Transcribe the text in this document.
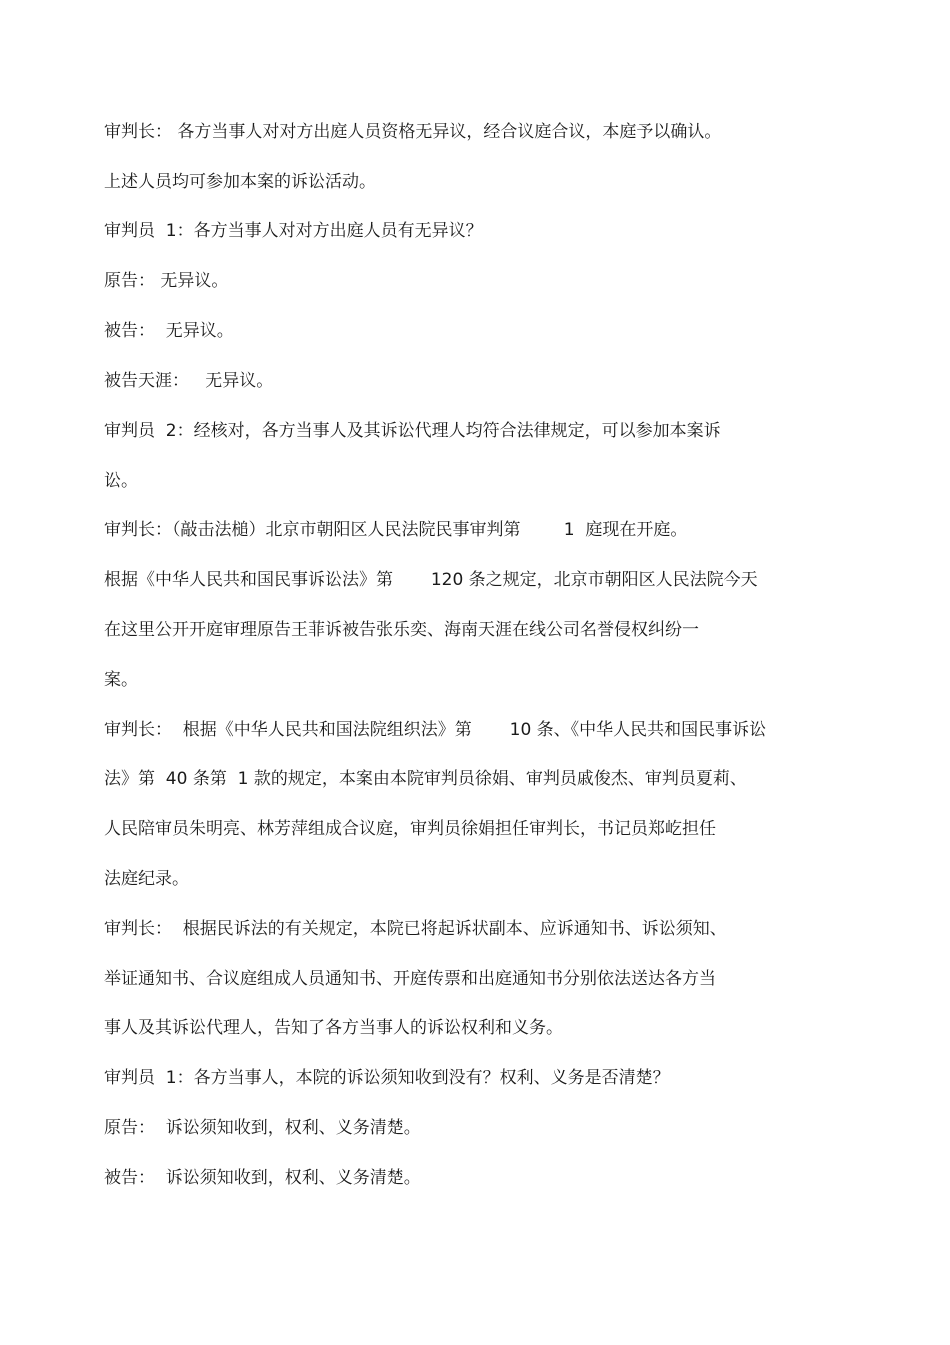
审判长： 各方当事人对对方出庭人员资格无异议，经合议庭合议，本庭予以确认。
上述人员均可参加本案的诉讼活动。
审判员  1：各方当事人对对方出庭人员有无异议？
原告： 无异议。
被告：  无异议。
被告天涯：   无异议。
审判员  2：经核对，各方当事人及其诉讼代理人均符合法律规定，可以参加本案诉
讼。
审判长：（敲击法槌）北京市朝阳区人民法院民事审判第        1  庭现在开庭。
根据《中华人民共和国民事诉讼法》第       120 条之规定，北京市朝阳区人民法院今天
在这里公开开庭审理原告王菲诉被告张乐奕、海南天涯在线公司名誉侵权纠纷一
案。
审判长：  根据《中华人民共和国法院组织法》第       10 条、《中华人民共和国民事诉讼
法》第  40 条第  1 款的规定，本案由本院审判员徐娟、审判员戚俊杰、审判员夏莉、
人民陪审员朱明亮、林芳萍组成合议庭，审判员徐娟担任审判长，书记员郑屹担任
法庭纪录。
审判长：  根据民诉法的有关规定，本院已将起诉状副本、应诉通知书、诉讼须知、
举证通知书、合议庭组成人员通知书、开庭传票和出庭通知书分别依法送达各方当
事人及其诉讼代理人，告知了各方当事人的诉讼权利和义务。
审判员  1：各方当事人，本院的诉讼须知收到没有？权利、义务是否清楚？
原告：  诉讼须知收到，权利、义务清楚。
被告：  诉讼须知收到，权利、义务清楚。
